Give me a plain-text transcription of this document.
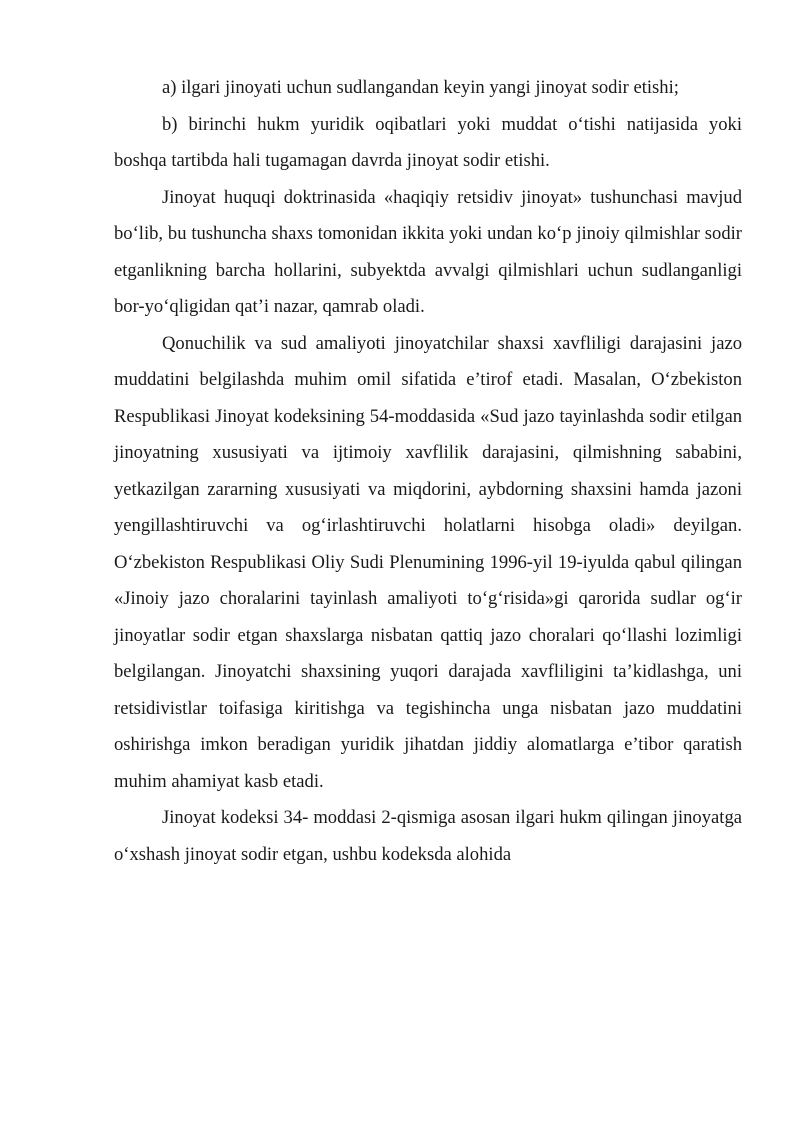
a) ilgari jinoyati uchun sudlangandan keyin yangi jinoyat sodir etishi;

b) birinchi hukm yuridik oqibatlari yoki muddat o‘tishi natijasida yoki boshqa tartibda hali tugamagan davrda jinoyat sodir etishi.

Jinoyat huquqi doktrinasida «haqiqiy retsidiv jinoyat» tushunchasi mavjud bo‘lib, bu tushuncha shaxs tomonidan ikkita yoki undan ko‘p jinoiy qilmishlar sodir etganlikning barcha hollarini, subyektda avvalgi qilmishlari uchun sudlanganligi bor-yo‘qligidan qat’i nazar, qamrab oladi.

Qonuchilik va sud amaliyoti jinoyatchilar shaxsi xavfliligi darajasini jazo muddatini belgilashda muhim omil sifatida e’tirof etadi. Masalan, O‘zbekiston Respublikasi Jinoyat kodeksining 54-moddasida «Sud jazo tayinlashda sodir etilgan jinoyatning xususiyati va ijtimoiy xavflilik darajasini, qilmishning sababini, yetkazilgan zararning xususiyati va miqdorini, aybdorning shaxsini hamda jazoni yengillashtiruvchi va og‘irlashtiruvchi holatlarni hisobga oladi» deyilgan. O‘zbekiston Respublikasi Oliy Sudi Plenumining 1996-yil 19-iyulda qabul qilingan «Jinoiy jazo choralarini tayinlash amaliyoti to‘g‘risida»gi qarorida sudlar og‘ir jinoyatlar sodir etgan shaxslarga nisbatan qattiq jazo choralari qo‘llashi lozimligi belgilangan. Jinoyatchi shaxsining yuqori darajada xavfliligini ta’kidlashga, uni retsidivistlar toifasiga kiritishga va tegishincha unga nisbatan jazo muddatini oshirishga imkon beradigan yuridik jihatdan jiddiy alomatlarga e’tibor qaratish muhim ahamiyat kasb etadi.

Jinoyat kodeksi 34- moddasi 2-qismiga asosan ilgari hukm qilingan jinoyatga o‘xshash jinoyat sodir etgan, ushbu kodeksda alohida
